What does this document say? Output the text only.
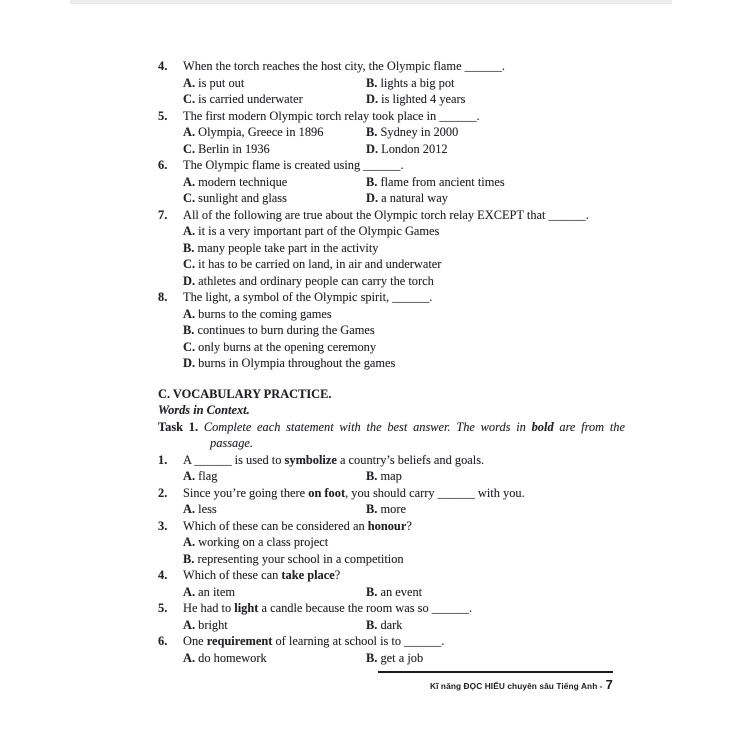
4.	When the torch reaches the host city, the Olympic flame ______.
A. is put out	B. lights a big pot
C. is carried underwater	D. is lighted 4 years
5.	The first modern Olympic torch relay took place in ______.
A. Olympia, Greece in 1896	B. Sydney in 2000
C. Berlin in 1936	D. London 2012
6.	The Olympic flame is created using ______.
A. modern technique	B. flame from ancient times
C. sunlight and glass	D. a natural way
7.	All of the following are true about the Olympic torch relay EXCEPT that ______.
A. it is a very important part of the Olympic Games
B. many people take part in the activity
C. it has to be carried on land, in air and underwater
D. athletes and ordinary people can carry the torch
8.	The light, a symbol of the Olympic spirit, ______.
A. burns to the coming games
B. continues to burn during the Games
C. only burns at the opening ceremony
D. burns in Olympia throughout the games
C. VOCABULARY PRACTICE.
Words in Context.
Task 1. Complete each statement with the best answer. The words in bold are from the passage.
1.	A ______ is used to symbolize a country’s beliefs and goals.
A. flag	B. map
2.	Since you’re going there on foot, you should carry ______ with you.
A. less	B. more
3.	Which of these can be considered an honour?
A. working on a class project
B. representing your school in a competition
4.	Which of these can take place?
A. an item	B. an event
5.	He had to light a candle because the room was so ______.
A. bright	B. dark
6.	One requirement of learning at school is to ______.
A. do homework	B. get a job
Kĩ năng ĐỌC HIỂU chuyên sâu Tiếng Anh - 7
